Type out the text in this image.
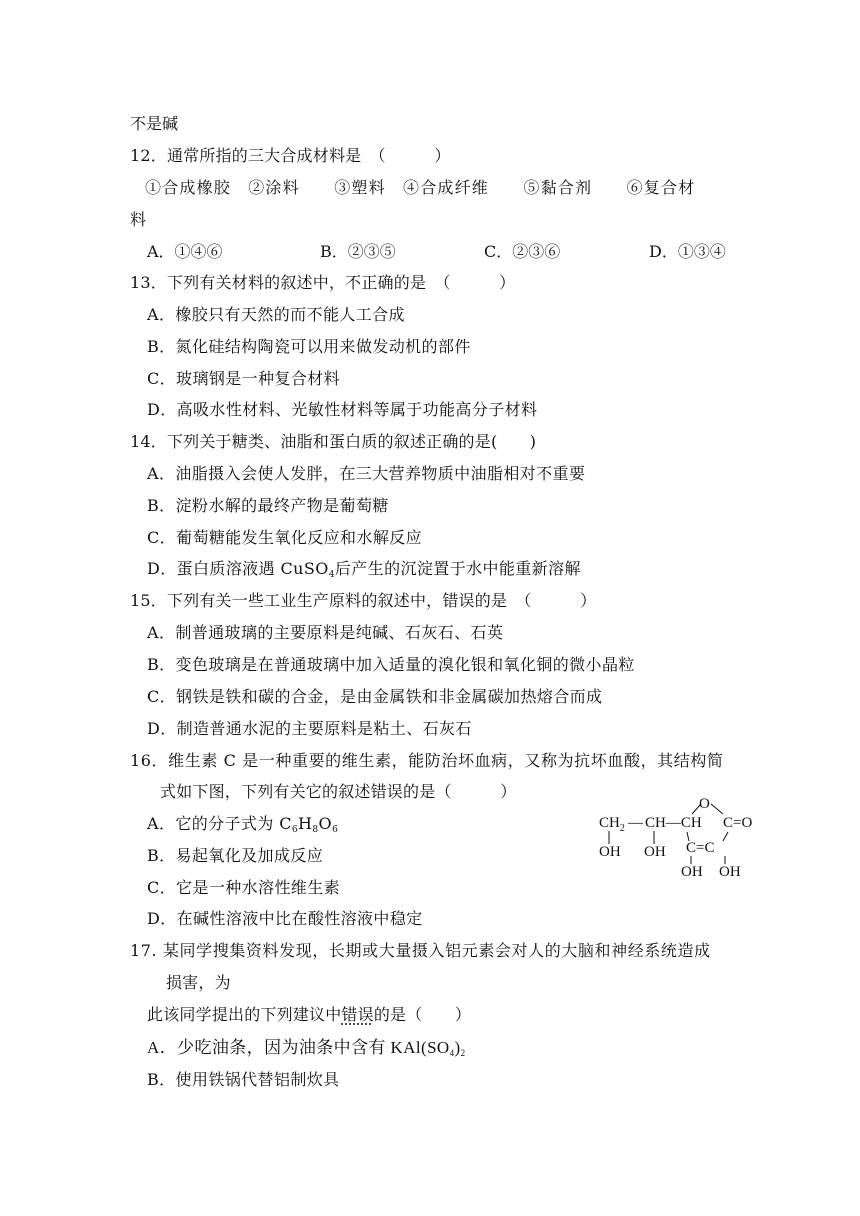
不是碱
12．通常所指的三大合成材料是　（　　　）
①合成橡胶　②涂料　　③塑料　④合成纤维　　⑤黏合剂　　⑥复合材
料
A．①④⑥	B．②③⑤	C．②③⑥	D．①③④
13．下列有关材料的叙述中，不正确的是　（　　　）
A．橡胶只有天然的而不能人工合成
B．氮化硅结构陶瓷可以用来做发动机的部件
C．玻璃钢是一种复合材料
D．高吸水性材料、光敏性材料等属于功能高分子材料
14．下列关于糖类、油脂和蛋白质的叙述正确的是(　　)
A．油脂摄入会使人发胖，在三大营养物质中油脂相对不重要
B．淀粉水解的最终产物是葡萄糖
C．葡萄糖能发生氧化反应和水解反应
D．蛋白质溶液遇 CuSO$_4$后产生的沉淀置于水中能重新溶解
15．下列有关一些工业生产原料的叙述中，错误的是　（　　　）
A．制普通玻璃的主要原料是纯碱、石灰石、石英
B．变色玻璃是在普通玻璃中加入适量的溴化银和氧化铜的微小晶粒
C．钢铁是铁和碳的合金，是由金属铁和非金属碳加热熔合而成
D．制造普通水泥的主要原料是粘土、石灰石
16．维生素 C 是一种重要的维生素，能防治坏血病，又称为抗坏血酸，其结构简
式如下图，下列有关它的叙述错误的是（　　　）
A．它的分子式为 $C_6H_8O_6$
B．易起氧化及加成反应
C．它是一种水溶性维生素
D．在碱性溶液中比在酸性溶液中稳定
$CH_2$ — CH—CH
O
C =O
OH OH C=C
OH OH
17. 某同学搜集资料发现，长期或大量摄入铝元素会对人的大脑和神经系统造成
损害，为
此该同学提出的下列建议中错误的是（　　）
A．少吃油条，因为油条中含有 $KAl(SO_4)_2$
B．使用铁锅代替铝制炊具
